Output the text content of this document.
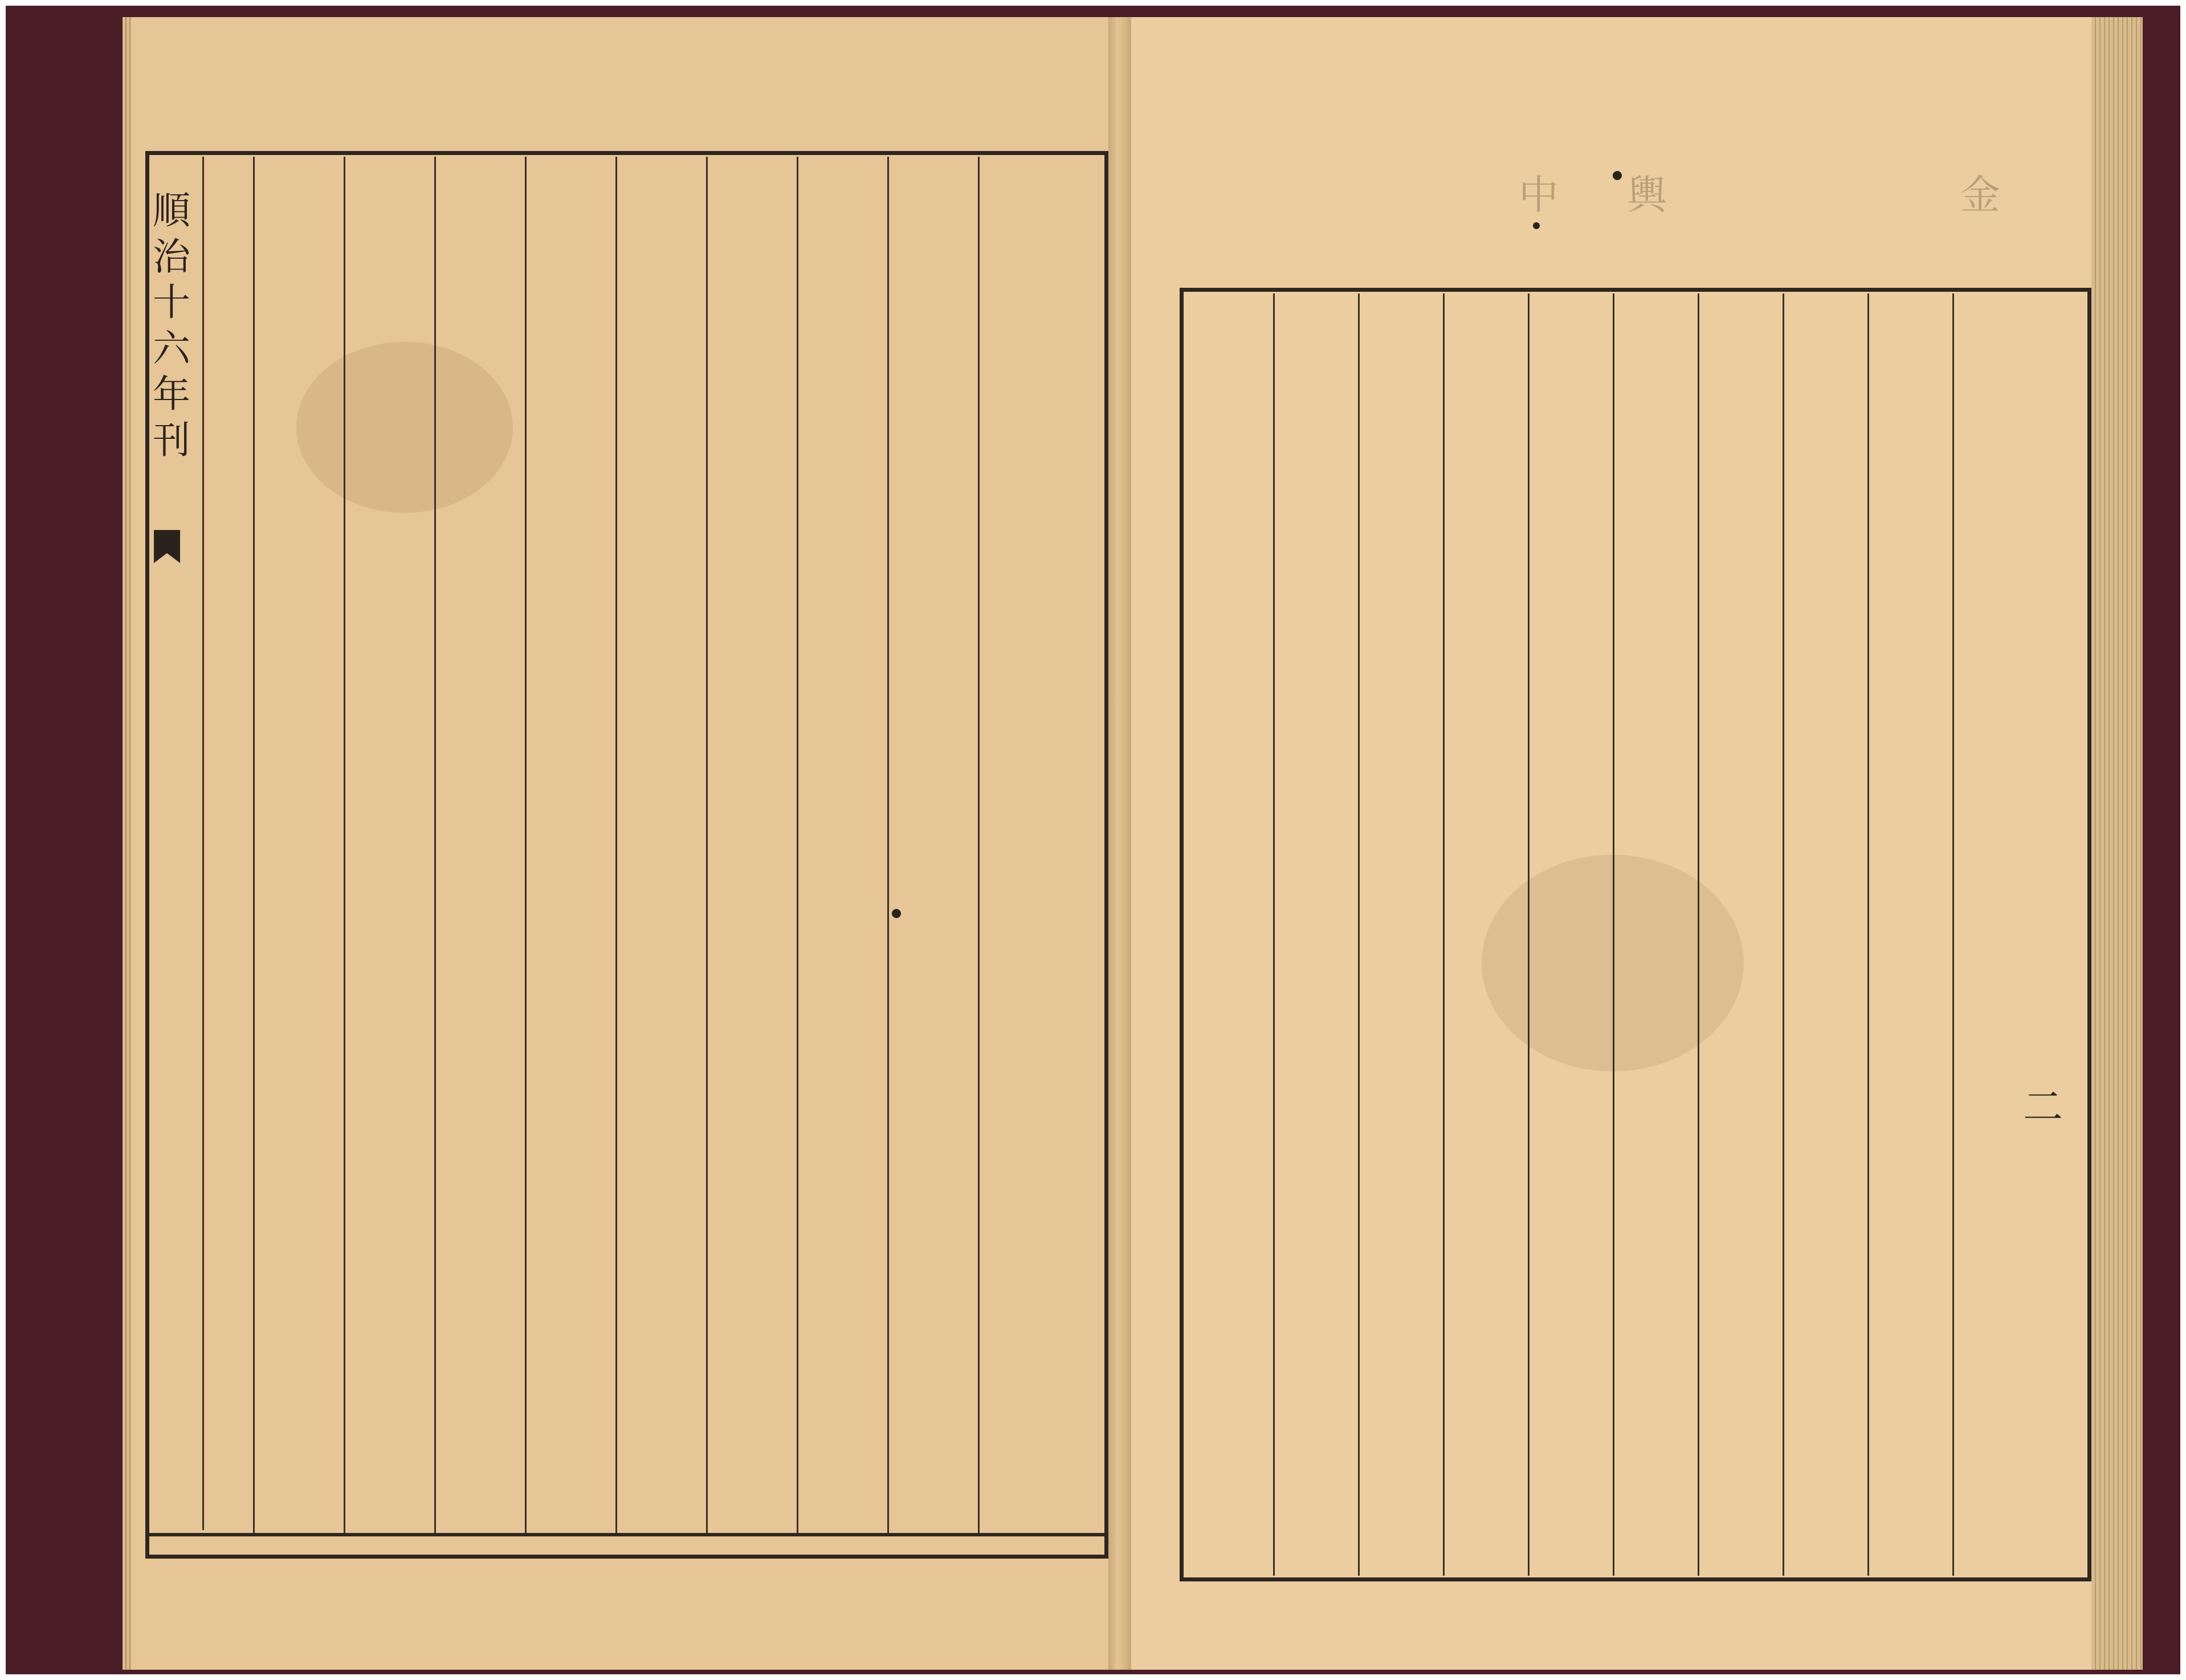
中 輿	金
順
治
十
六
年
刊
二
